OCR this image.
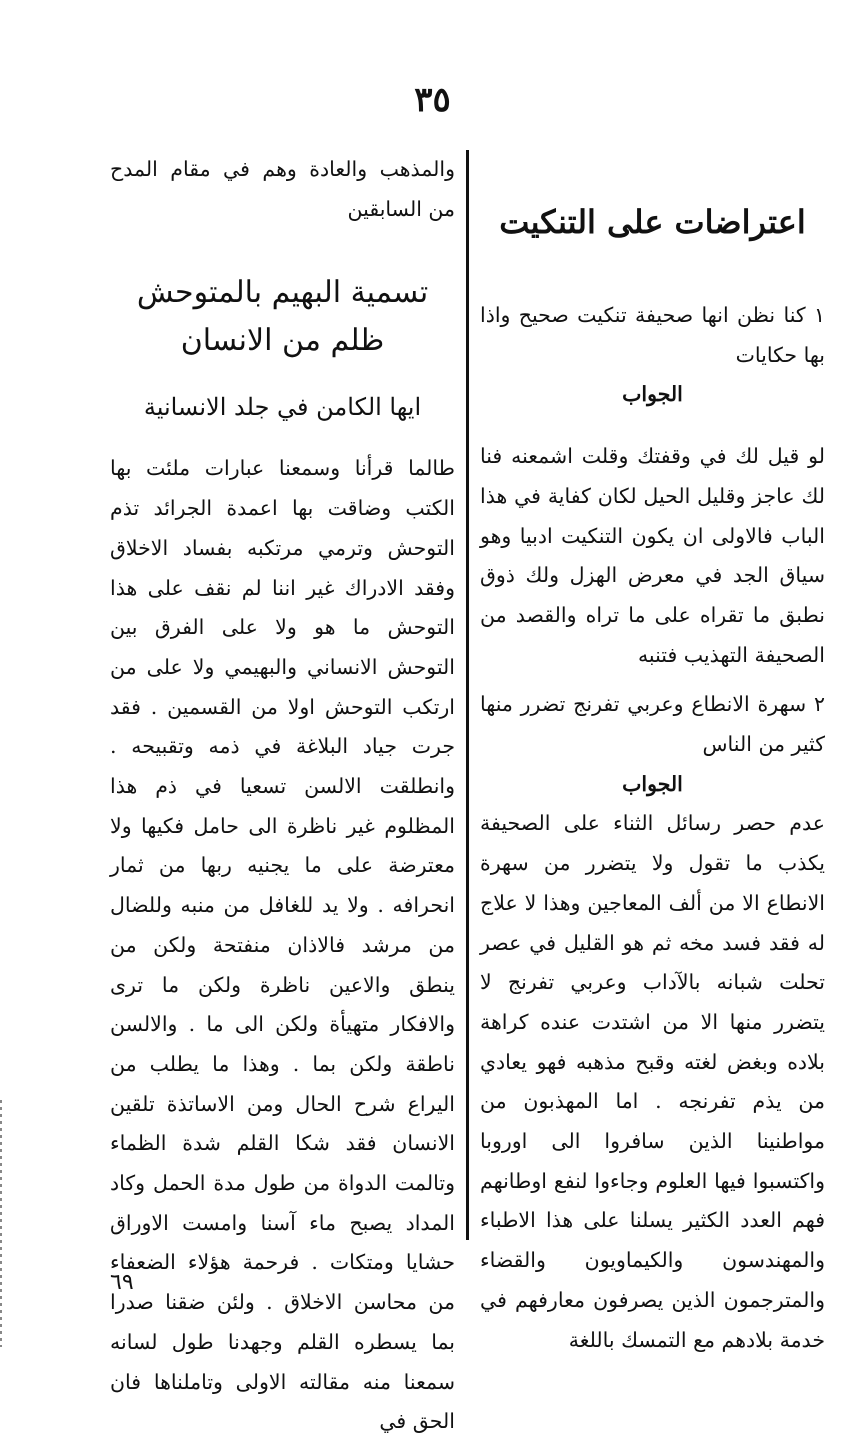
٣٥
اعتراضات على التنكيت

١ كنا نظن انها صحيفة تنكيت صحيح واذا بها حكايات

الجواب

لو قيل لك في وقفتك وقلت اشمعنه فنا لك عاجز وقليل الحيل لكان كفاية في هذا الباب فالاولى ان يكون التنكيت ادبيا وهو سياق الجد في معرض الهزل ولك ذوق نطبق ما تقراه على ما تراه والقصد من الصحيفة التهذيب فتنبه

٢ سهرة الانطاع وعربي تفرنج تضرر منها كثير من الناس

الجواب

عدم حصر رسائل الثناء على الصحيفة يكذب ما تقول ولا يتضرر من سهرة الانطاع الا من ألف المعاجين وهذا لا علاج له فقد فسد مخه ثم هو القليل في عصر تحلت شبانه بالآداب وعربي تفرنج لا يتضرر منها الا من اشتدت عنده كراهة بلاده وبغض لغته وقبح مذهبه فهو يعادي من يذم تفرنجه . اما المهذبون من مواطنينا الذين سافروا الى اوروبا واكتسبوا فيها العلوم وجاءوا لنفع اوطانهم فهم العدد الكثير يسلنا على هذا الاطباء والمهندسون والكيماويون والقضاء والمترجمون الذين يصرفون معارفهم في خدمة بلادهم مع التمسك باللغة

والمذهب والعادة وهم في مقام المدح من السابقين

تسمية البهيم بالمتوحش
ظلم من الانسان
ايها الكامن في جلد الانسانية

طالما قرأنا وسمعنا عبارات ملئت بها الكتب وضاقت بها اعمدة الجرائد تذم التوحش وترمي مرتكبه بفساد الاخلاق وفقد الادراك غير اننا لم نقف على هذا التوحش ما هو ولا على الفرق بين التوحش الانساني والبهيمي ولا على من ارتكب التوحش اولا من القسمين . فقد جرت جياد البلاغة في ذمه وتقبيحه . وانطلقت الالسن تسعيا في ذم هذا المظلوم غير ناظرة الى حامل فكيها ولا معترضة على ما يجنيه ربها من ثمار انحرافه . ولا يد للغافل من منبه وللضال من مرشد فالاذان منفتحة ولكن من ينطق والاعين ناظرة ولكن ما ترى والافكار متهيأة ولكن الى ما . والالسن ناطقة ولكن بما . وهذا ما يطلب من اليراع شرح الحال ومن الاساتذة تلقين الانسان فقد شكا القلم شدة الظماء وتالمت الدواة من طول مدة الحمل وكاد المداد يصبح ماء آسنا وامست الاوراق حشايا ومتكات . فرحمة هؤلاء الضعفاء من محاسن الاخلاق . ولئن ضقنا صدرا بما يسطره القلم وجهدنا طول لسانه سمعنا منه مقالته الاولى وتاملناها فان الحق في

٦٩
